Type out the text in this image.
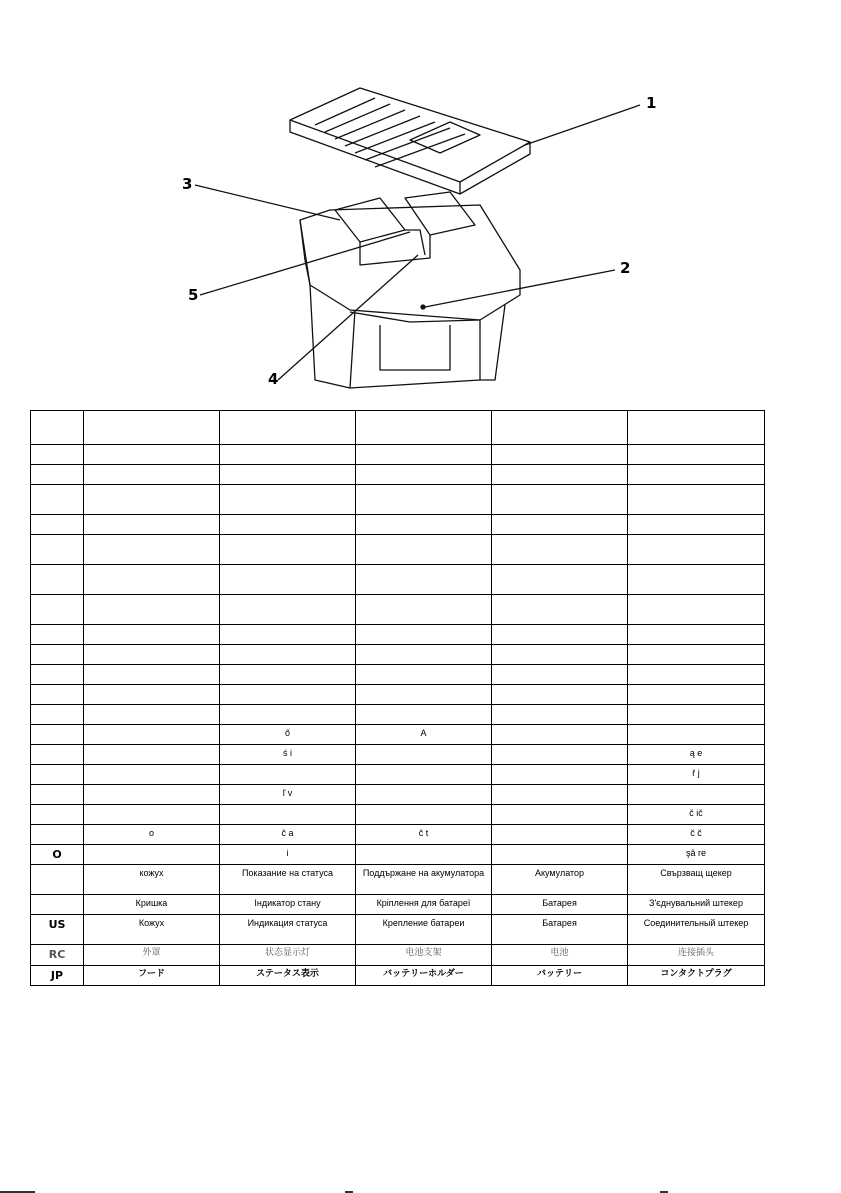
1
2
3
4
5

		ő	A		
		ś i			ą e
					ř j
		ľ v			
					č ič
	o	č a	č t		č č
O		i			şâ re
	кожух	Показание на статуса	Поддържане на акумулатора	Акумулатор	Свързващ щекер
	Кришка	Індикатор стану	Кріплення для батареї	Батарея	З'єднувальний штекер
US	Кожух	Индикация статуса	Крепление батареи	Батарея	Соединительный штекер
RC	外罩	状态显示灯	电池支架	电池	连接插头
JP	フード	ステータス表示	バッテリーホルダー	バッテリー	コンタクトプラグ
